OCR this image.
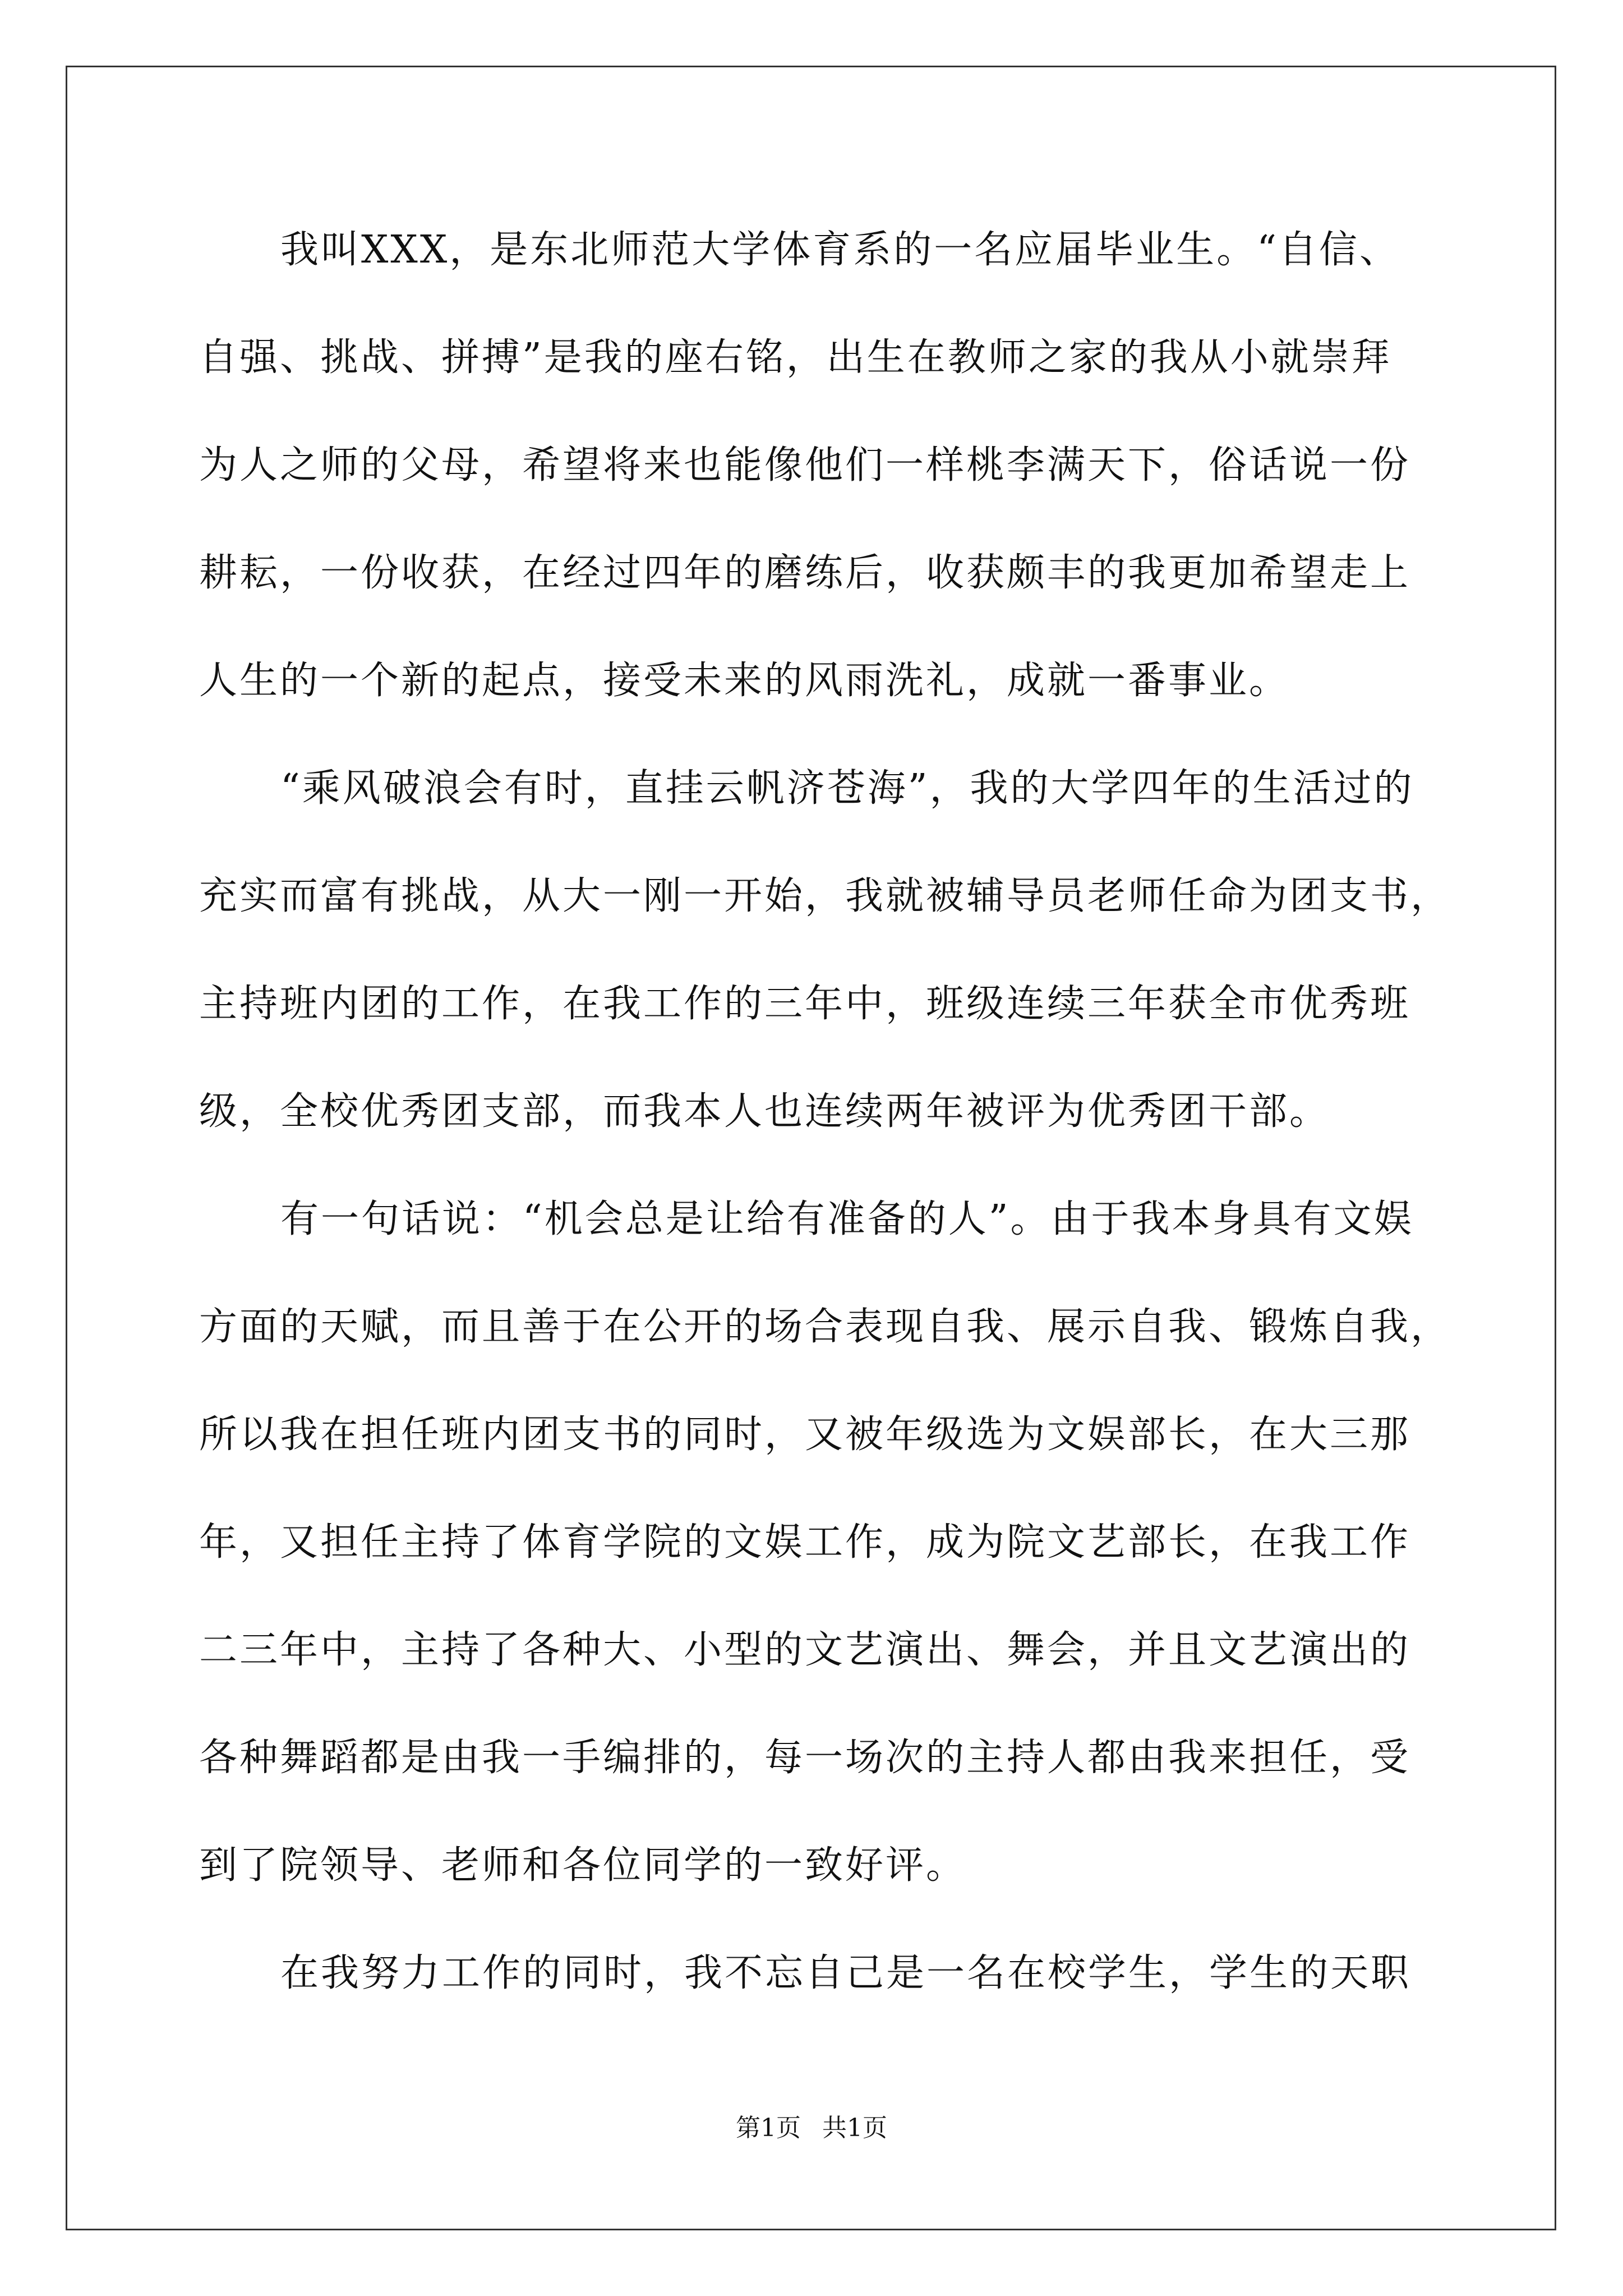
我叫XXX，是东北师范大学体育系的一名应届毕业生。“自信、
自强、挑战、拼搏”是我的座右铭，出生在教师之家的我从小就崇拜
为人之师的父母，希望将来也能像他们一样桃李满天下，俗话说一份
耕耘，一份收获，在经过四年的磨练后，收获颇丰的我更加希望走上
人生的一个新的起点，接受未来的风雨洗礼，成就一番事业。
“乘风破浪会有时，直挂云帆济苍海”，我的大学四年的生活过的
充实而富有挑战，从大一刚一开始，我就被辅导员老师任命为团支书，
主持班内团的工作，在我工作的三年中，班级连续三年获全市优秀班
级，全校优秀团支部，而我本人也连续两年被评为优秀团干部。
有一句话说：“机会总是让给有准备的人”。由于我本身具有文娱
方面的天赋，而且善于在公开的场合表现自我、展示自我、锻炼自我，
所以我在担任班内团支书的同时，又被年级选为文娱部长，在大三那
年，又担任主持了体育学院的文娱工作，成为院文艺部长，在我工作
二三年中，主持了各种大、小型的文艺演出、舞会，并且文艺演出的
各种舞蹈都是由我一手编排的，每一场次的主持人都由我来担任，受
到了院领导、老师和各位同学的一致好评。
在我努力工作的同时，我不忘自己是一名在校学生，学生的天职
第1页 共1页
